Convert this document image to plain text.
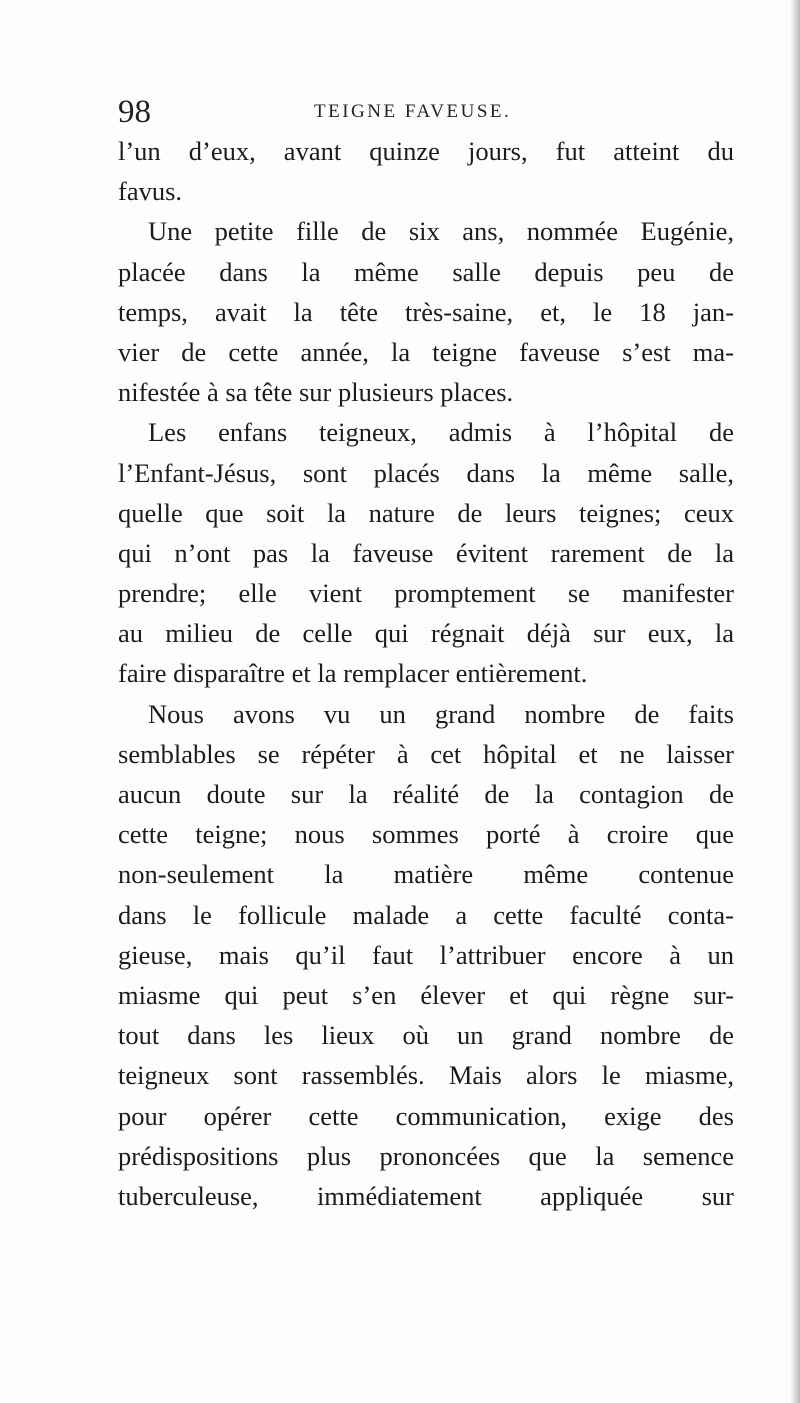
98	TEIGNE FAVEUSE.
l’un d’eux, avant quinze jours, fut atteint du
favus.
Une petite fille de six ans, nommée Eugénie,
placée dans la même salle depuis peu de
temps, avait la tête très-saine, et, le 18 jan-
vier de cette année, la teigne faveuse s’est ma-
nifestée à sa tête sur plusieurs places.
Les enfans teigneux, admis à l’hôpital de
l’Enfant-Jésus, sont placés dans la même salle,
quelle que soit la nature de leurs teignes; ceux
qui n’ont pas la faveuse évitent rarement de la
prendre; elle vient promptement se manifester
au milieu de celle qui régnait déjà sur eux, la
faire disparaître et la remplacer entièrement.
Nous avons vu un grand nombre de faits
semblables se répéter à cet hôpital et ne laisser
aucun doute sur la réalité de la contagion de
cette teigne; nous sommes porté à croire que
non-seulement la matière même contenue
dans le follicule malade a cette faculté conta-
gieuse, mais qu’il faut l’attribuer encore à un
miasme qui peut s’en élever et qui règne sur-
tout dans les lieux où un grand nombre de
teigneux sont rassemblés. Mais alors le miasme,
pour opérer cette communication, exige des
prédispositions plus prononcées que la semence
tuberculeuse, immédiatement appliquée sur
